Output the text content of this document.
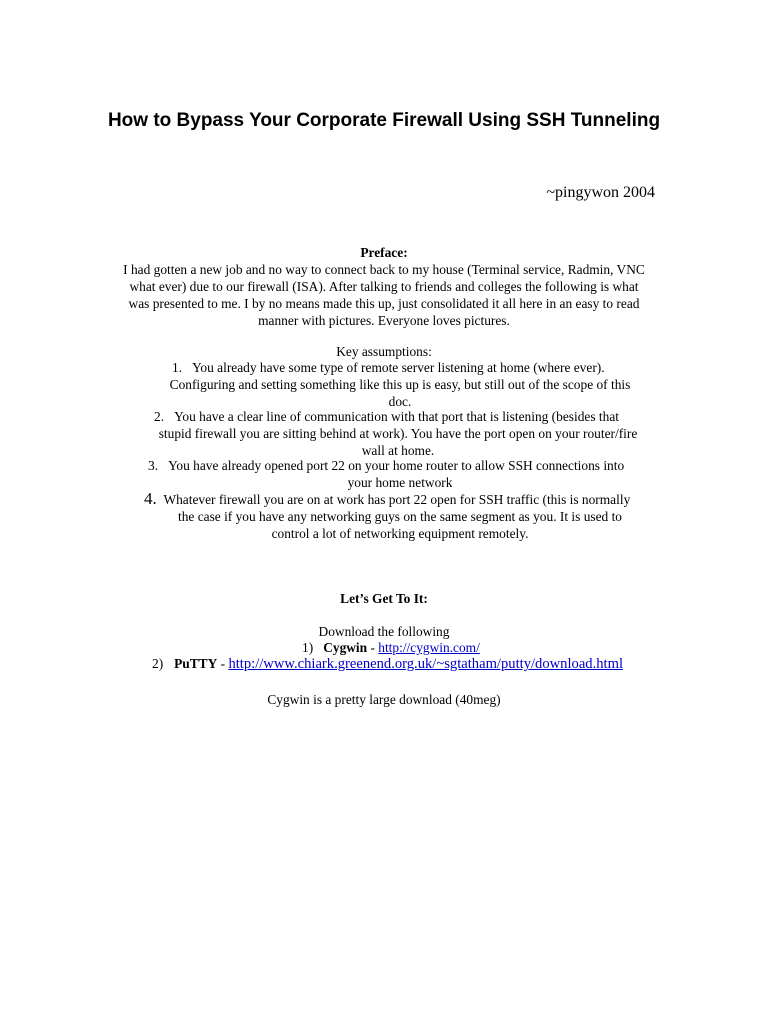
How to Bypass Your Corporate Firewall Using SSH Tunneling
~pingywon 2004
Preface:
I had gotten a new job and no way to connect back to my house (Terminal service, Radmin, VNC
what ever) due to our firewall (ISA). After talking to friends and colleges the following is what
was presented to me. I by no means made this up, just consolidated it all here in an easy to read
manner with pictures. Everyone loves pictures.
Key assumptions:
1. You already have some type of remote server listening at home (where ever).
Configuring and setting something like this up is easy, but still out of the scope of this
doc.
2. You have a clear line of communication with that port that is listening (besides that
stupid firewall you are sitting behind at work). You have the port open on your router/fire
wall at home.
3. You have already opened port 22 on your home router to allow SSH connections into
your home network
4. Whatever firewall you are on at work has port 22 open for SSH traffic (this is normally
the case if you have any networking guys on the same segment as you. It is used to
control a lot of networking equipment remotely.
Let’s Get To It:
Download the following
1) Cygwin - http://cygwin.com/
2) PuTTY - http://www.chiark.greenend.org.uk/~sgtatham/putty/download.html
Cygwin is a pretty large download (40meg)
